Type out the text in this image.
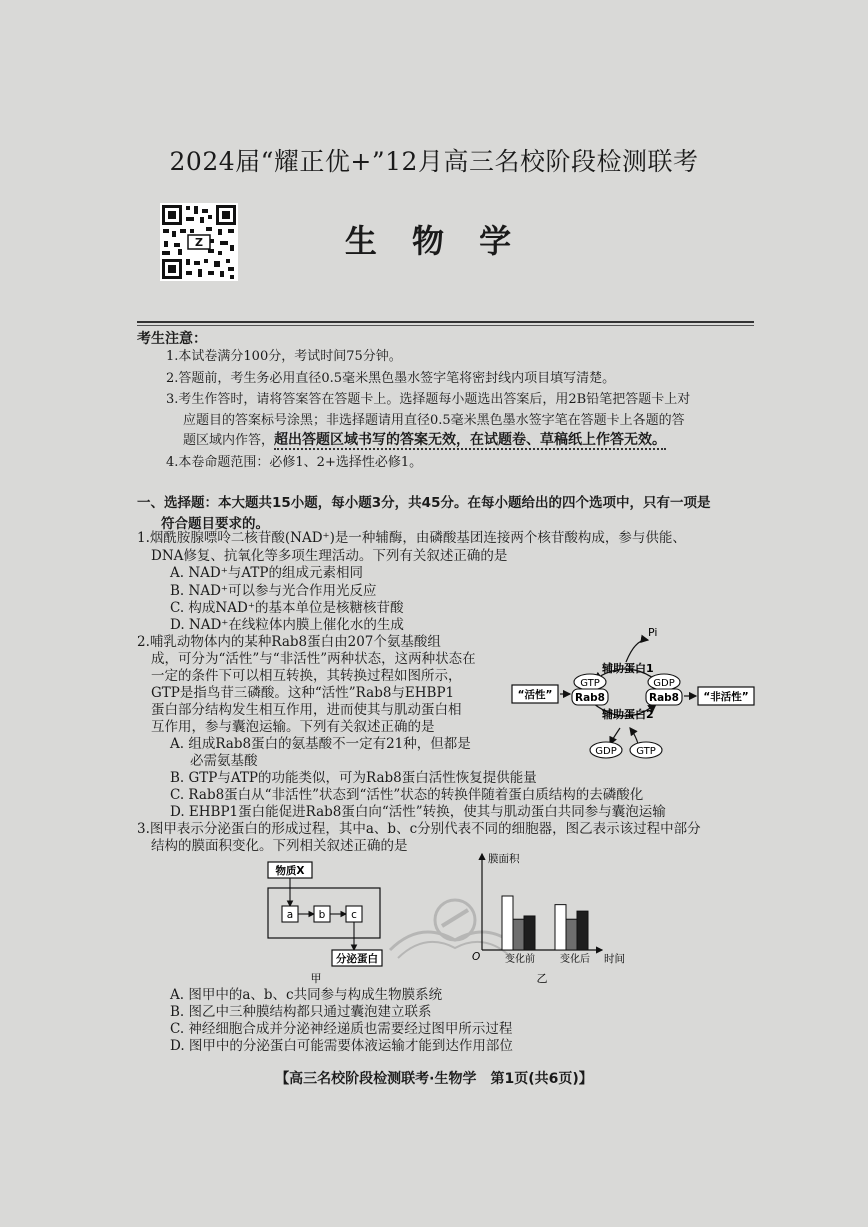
2024届“耀正优+”12月高三名校阶段检测联考
Z	生 物 学
考生注意：
1.本试卷满分100分，考试时间75分钟。
2.答题前，考生务必用直径0.5毫米黑色墨水签字笔将密封线内项目填写清楚。
3.考生作答时，请将答案答在答题卡上。选择题每小题选出答案后，用2B铅笔把答题卡上对
应题目的答案标号涂黑；非选择题请用直径0.5毫米黑色墨水签字笔在答题卡上各题的答
题区域内作答，超出答题区域书写的答案无效，在试题卷、草稿纸上作答无效。
4.本卷命题范围：必修1、2+选择性必修1。
一、选择题：本大题共15小题，每小题3分，共45分。在每小题给出的四个选项中，只有一项是
符合题目要求的。
1.烟酰胺腺嘌呤二核苷酸(NAD⁺)是一种辅酶，由磷酸基团连接两个核苷酸构成，参与供能、
DNA修复、抗氧化等多项生理活动。下列有关叙述正确的是
A. NAD⁺与ATP的组成元素相同
B. NAD⁺可以参与光合作用光反应
C. 构成NAD⁺的基本单位是核糖核苷酸
D. NAD⁺在线粒体内膜上催化水的生成
2.哺乳动物体内的某种Rab8蛋白由207个氨基酸组
成，可分为“活性”与“非活性”两种状态，这两种状态在
一定的条件下可以相互转换，其转换过程如图所示，
GTP是指鸟苷三磷酸。这种“活性”Rab8与EHBP1
蛋白部分结构发生相互作用，进而使其与肌动蛋白相
互作用，参与囊泡运输。下列有关叙述正确的是
A. 组成Rab8蛋白的氨基酸不一定有21种，但都是
必需氨基酸
B. GTP与ATP的功能类似，可为Rab8蛋白活性恢复提供能量
C. Rab8蛋白从“非活性”状态到“活性”状态的转换伴随着蛋白质结构的去磷酸化
D. EHBP1蛋白能促进Rab8蛋白向“活性”转换，使其与肌动蛋白共同参与囊泡运输
Pi
辅助蛋白1
辅助蛋白2
“活性”
GTP
Rab8
GDP
Rab8 “非活性”
GDP GTP
3.图甲表示分泌蛋白的形成过程，其中a、b、c分别代表不同的细胞器，图乙表示该过程中部分
结构的膜面积变化。下列相关叙述正确的是
物质X
a b c
分泌蛋白
甲
膜面积
时间
O 变化前	变化后
乙
A. 图甲中的a、b、c共同参与构成生物膜系统
B. 图乙中三种膜结构都只通过囊泡建立联系
C. 神经细胞合成并分泌神经递质也需要经过图甲所示过程
D. 图甲中的分泌蛋白可能需要体液运输才能到达作用部位
【高三名校阶段检测联考·生物学　第1页(共6页)】
